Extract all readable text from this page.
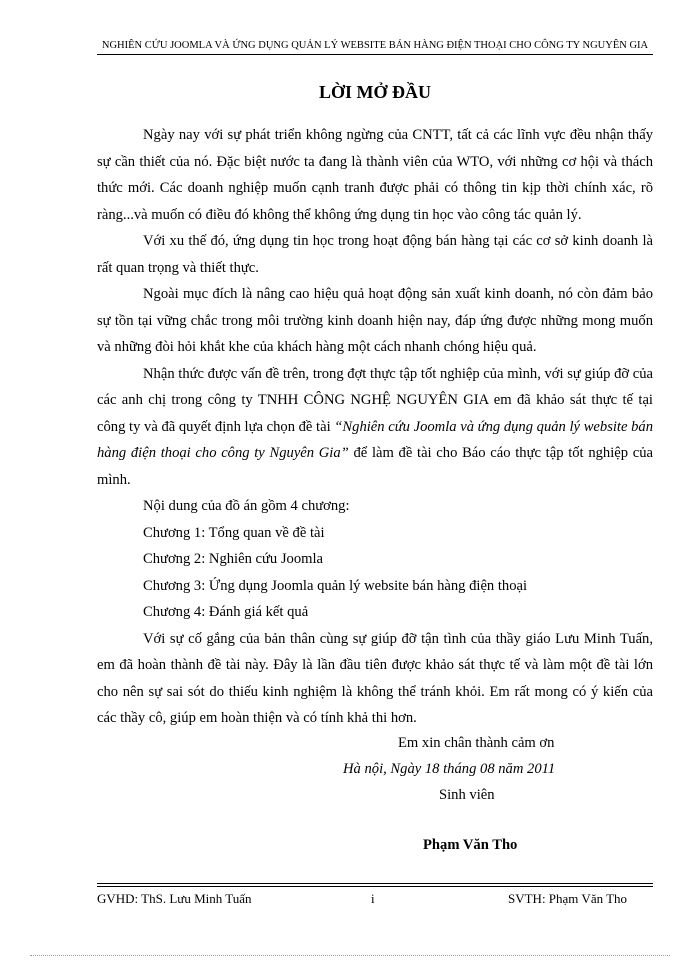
NGHIÊN CỨU JOOMLA VÀ ỨNG DỤNG QUẢN LÝ WEBSITE BÁN HÀNG ĐIỆN THOẠI CHO CÔNG TY NGUYÊN GIA
LỜI MỞ ĐẦU

Ngày nay với sự phát triển không ngừng của CNTT, tất cả các lĩnh vực đều nhận thấy sự cần thiết của nó. Đặc biệt nước ta đang là thành viên của WTO, với những cơ hội và thách thức mới. Các doanh nghiệp muốn cạnh tranh được phải có thông tin kịp thời chính xác, rõ ràng...và muốn có điều đó không thể không ứng dụng tin học vào công tác quản lý.

Với xu thế đó, ứng dụng tin học trong hoạt động bán hàng tại các cơ sở kinh doanh là rất quan trọng và thiết thực.

Ngoài mục đích là nâng cao hiệu quả hoạt động sản xuất kinh doanh, nó còn đảm bảo sự tồn tại vững chắc trong môi trường kinh doanh hiện nay, đáp ứng được những mong muốn và những đòi hỏi khắt khe của khách hàng một cách nhanh chóng hiệu quả.

Nhận thức được vấn đề trên, trong đợt thực tập tốt nghiệp của mình, với sự giúp đỡ của các anh chị trong công ty TNHH CÔNG NGHỆ NGUYÊN GIA em đã khảo sát thực tế tại công ty và đã quyết định lựa chọn đề tài “Nghiên cứu Joomla và ứng dụng quản lý website bán hàng điện thoại cho công ty Nguyên Gia” để làm đề tài cho Báo cáo thực tập tốt nghiệp của mình.

Nội dung của đồ án gồm 4 chương:

Chương 1: Tổng quan về đề tài

Chương 2: Nghiên cứu Joomla

Chương 3: Ứng dụng Joomla quản lý website bán hàng điện thoại

Chương 4: Đánh giá kết quả

Với sự cố gắng của bản thân cùng sự giúp đỡ tận tình của thầy giáo Lưu Minh Tuấn, em đã hoàn thành đề tài này. Đây là lần đầu tiên được khảo sát thực tế và làm một đề tài lớn cho nên sự sai sót do thiếu kinh nghiệm là không thể tránh khỏi. Em rất mong có ý kiến của các thầy cô, giúp em hoàn thiện và có tính khả thi hơn.

Em xin chân thành cảm ơn
Hà nội, Ngày 18 tháng 08 năm 2011
Sinh viên
Phạm Văn Tho
GVHD: ThS. Lưu Minh Tuấn	i	SVTH: Phạm Văn Tho
